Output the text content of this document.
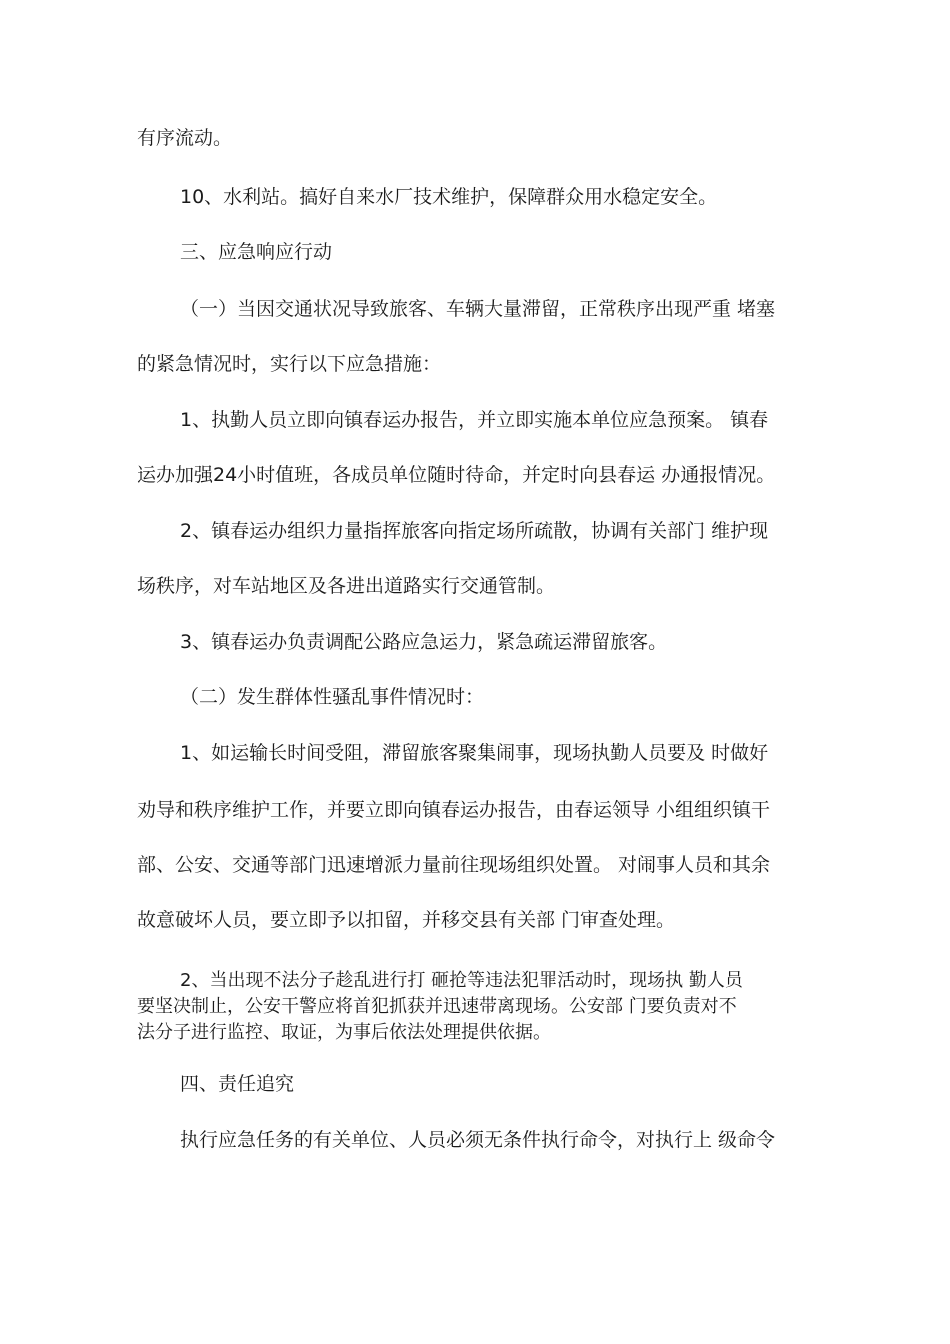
有序流动。

10、水利站。搞好自来水厂技术维护，保障群众用水稳定安全。

三、应急响应行动

（一）当因交通状况导致旅客、车辆大量滞留，正常秩序出现严重 堵塞

的紧急情况时，实行以下应急措施：

1、执勤人员立即向镇春运办报告，并立即实施本单位应急预案。 镇春

运办加强24小时值班，各成员单位随时待命，并定时向县春运 办通报情况。

2、镇春运办组织力量指挥旅客向指定场所疏散，协调有关部门 维护现

场秩序，对车站地区及各进出道路实行交通管制。

3、镇春运办负责调配公路应急运力，紧急疏运滞留旅客。

（二）发生群体性骚乱事件情况时：

1、如运输长时间受阻，滞留旅客聚集闹事，现场执勤人员要及 时做好

劝导和秩序维护工作，并要立即向镇春运办报告，由春运领导 小组组织镇干

部、公安、交通等部门迅速增派力量前往现场组织处置。 对闹事人员和其余

故意破坏人员，要立即予以扣留，并移交县有关部 门审查处理。

2、当出现不法分子趁乱进行打 砸抢等违法犯罪活动时，现场执 勤人员

要坚决制止，公安干警应将首犯抓获并迅速带离现场。公安部 门要负责对不

法分子进行监控、取证，为事后依法处理提供依据。

四、责任追究

执行应急任务的有关单位、人员必须无条件执行命令，对执行上 级命令
